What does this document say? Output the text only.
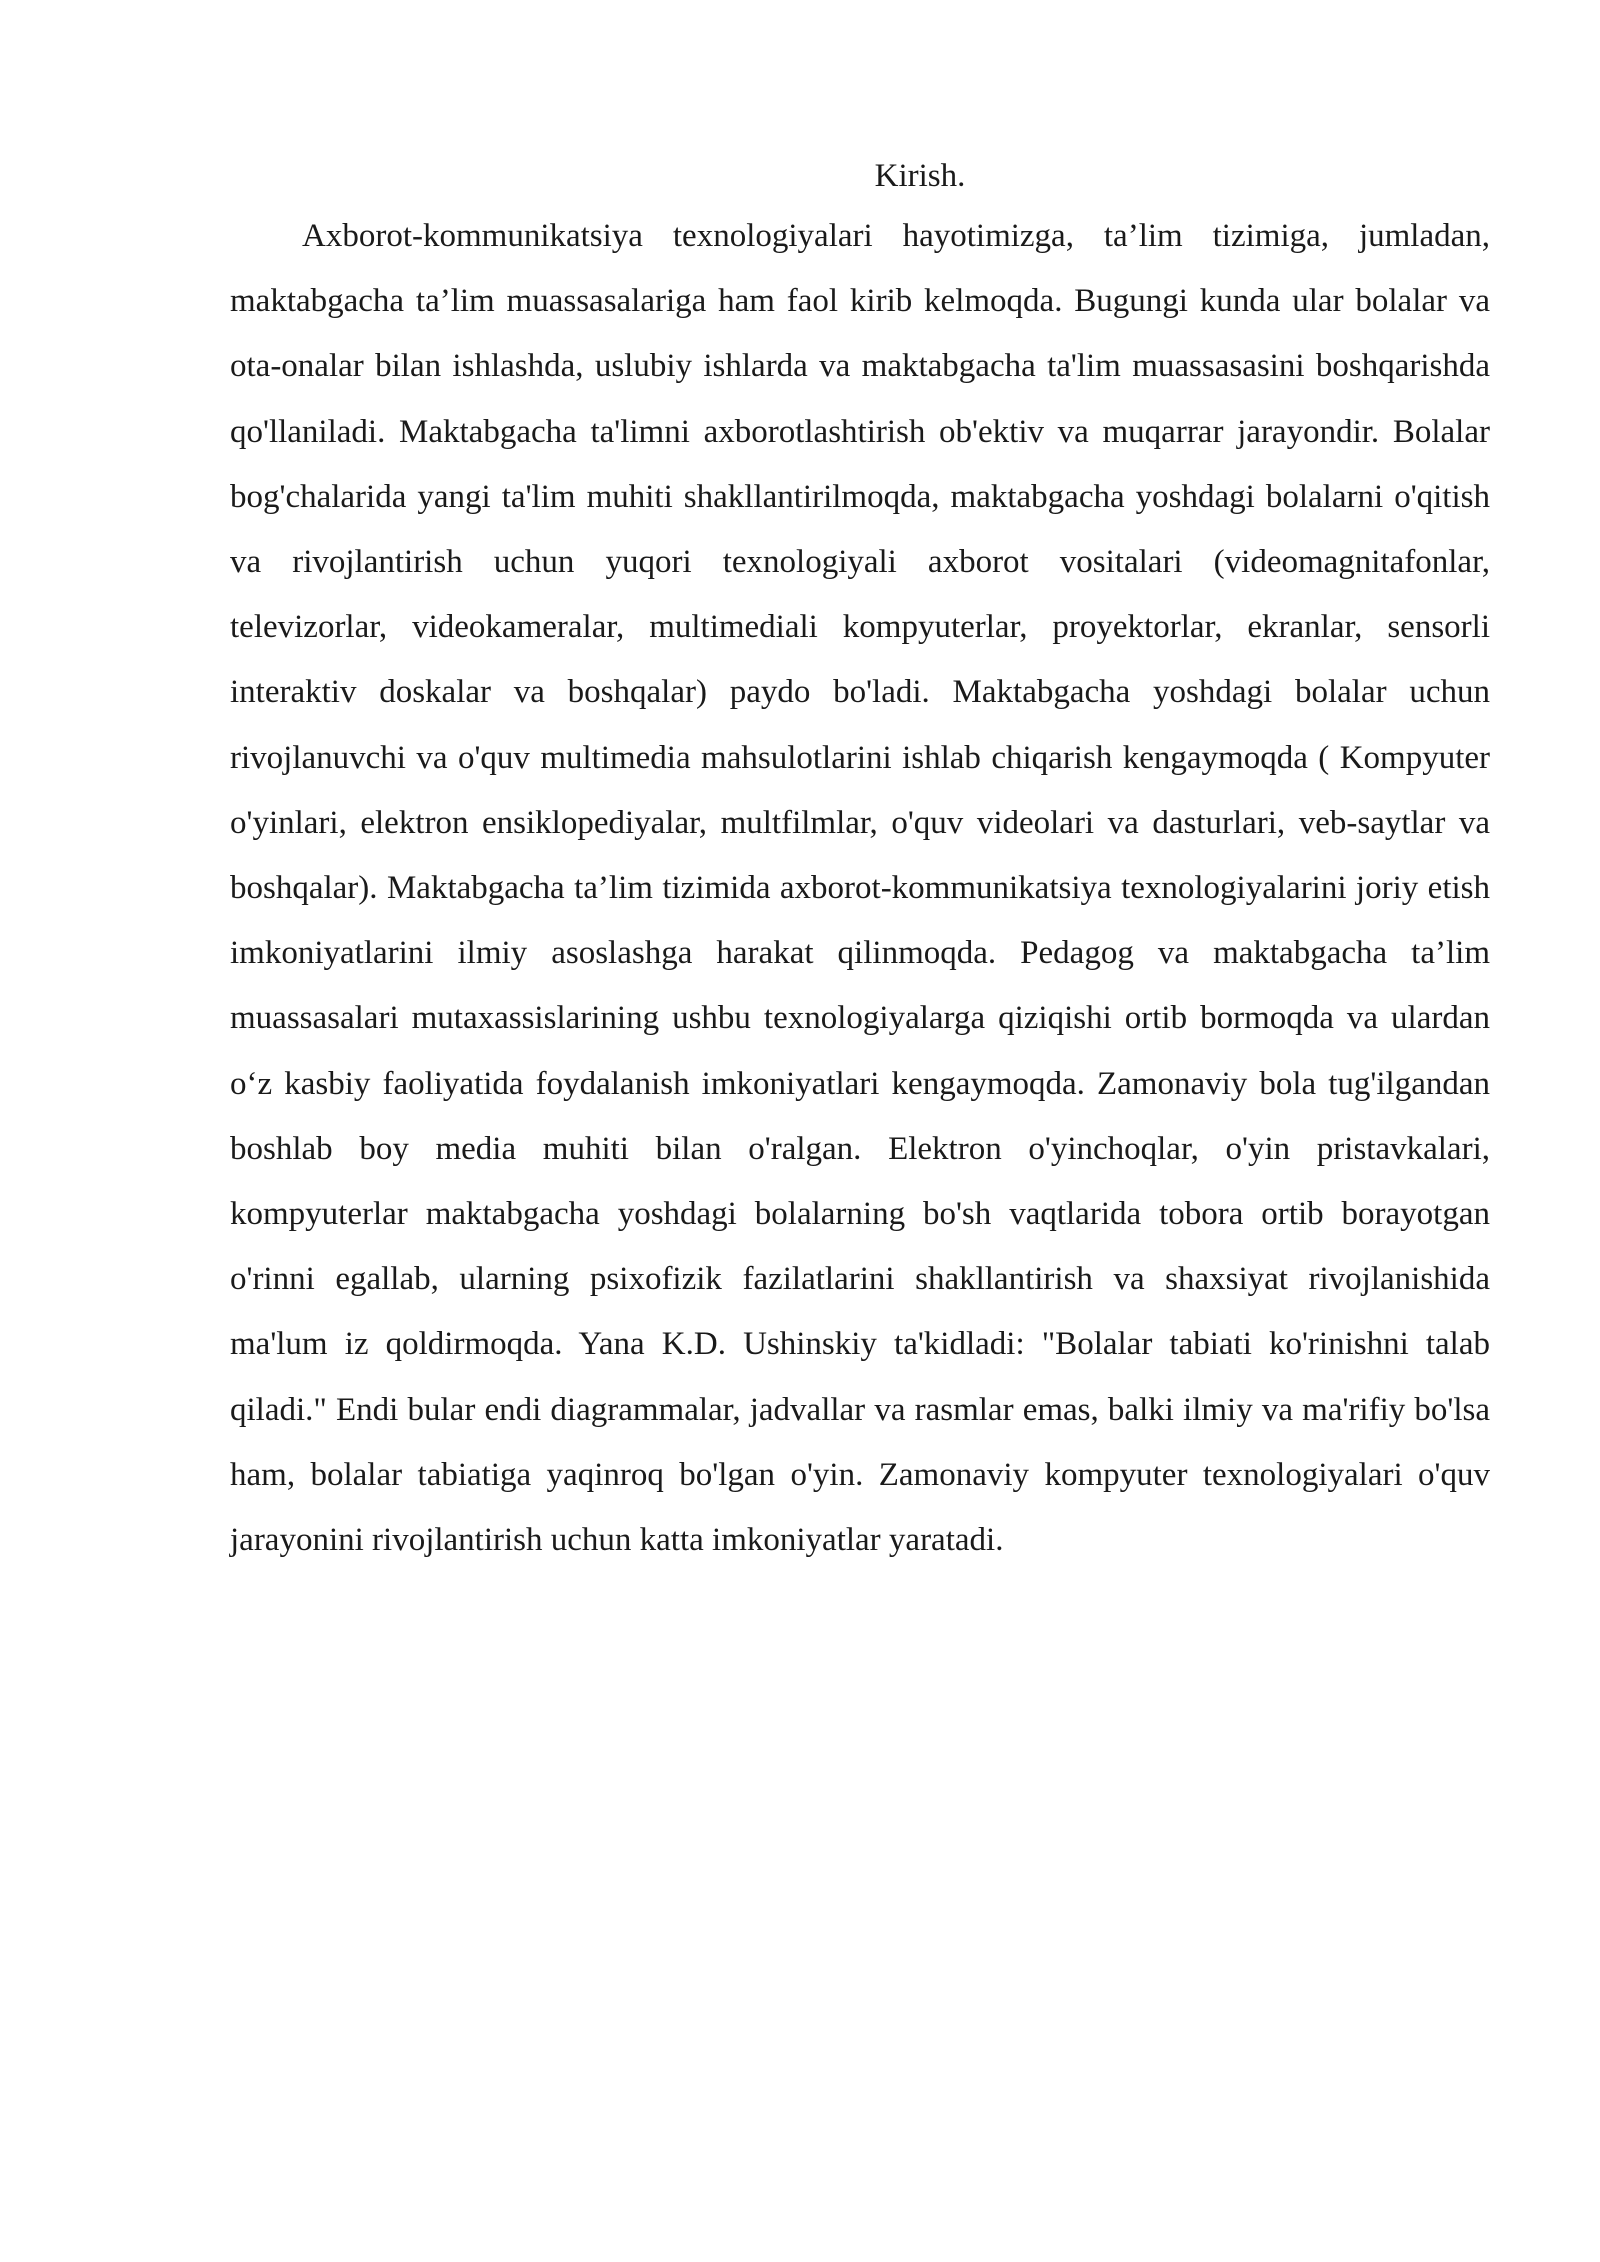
Kirish.

Axborot-kommunikatsiya texnologiyalari hayotimizga, ta’lim tizimiga, jumladan, maktabgacha ta’lim muassasalariga ham faol kirib kelmoqda. Bugungi kunda ular bolalar va ota-onalar bilan ishlashda, uslubiy ishlarda va maktabgacha ta'lim muassasasini boshqarishda qo'llaniladi. Maktabgacha ta'limni axborotlashtirish ob'ektiv va muqarrar jarayondir. Bolalar bog'chalarida yangi ta'lim muhiti shakllantirilmoqda, maktabgacha yoshdagi bolalarni o'qitish va rivojlantirish uchun yuqori texnologiyali axborot vositalari (videomagnitafonlar, televizorlar, videokameralar, multimediali kompyuterlar, proyektorlar, ekranlar, sensorli interaktiv doskalar va boshqalar) paydo bo'ladi. Maktabgacha yoshdagi bolalar uchun rivojlanuvchi va o'quv multimedia mahsulotlarini ishlab chiqarish kengaymoqda ( Kompyuter o'yinlari, elektron ensiklopediyalar, multfilmlar, o'quv videolari va dasturlari, veb-saytlar va boshqalar). Maktabgacha ta’lim tizimida axborot-kommunikatsiya texnologiyalarini joriy etish imkoniyatlarini ilmiy asoslashga harakat qilinmoqda. Pedagog va maktabgacha ta’lim muassasalari mutaxassislarining ushbu texnologiyalarga qiziqishi ortib bormoqda va ulardan o‘z kasbiy faoliyatida foydalanish imkoniyatlari kengaymoqda. Zamonaviy bola tug'ilgandan boshlab boy media muhiti bilan o'ralgan. Elektron o'yinchoqlar, o'yin pristavkalari, kompyuterlar maktabgacha yoshdagi bolalarning bo'sh vaqtlarida tobora ortib borayotgan o'rinni egallab, ularning psixofizik fazilatlarini shakllantirish va shaxsiyat rivojlanishida ma'lum iz qoldirmoqda. Yana K.D. Ushinskiy ta'kidladi: "Bolalar tabiati ko'rinishni talab qiladi." Endi bular endi diagrammalar, jadvallar va rasmlar emas, balki ilmiy va ma'rifiy bo'lsa ham, bolalar tabiatiga yaqinroq bo'lgan o'yin. Zamonaviy kompyuter texnologiyalari o'quv jarayonini rivojlantirish uchun katta imkoniyatlar yaratadi.
